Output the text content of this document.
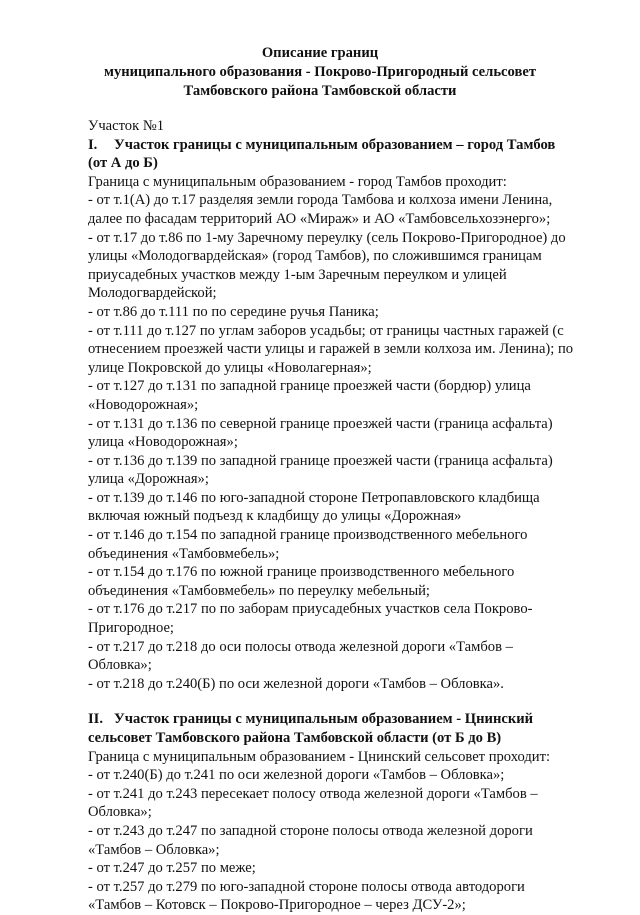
Описание границ
муниципального образования - Покрово-Пригородный сельсовет
Тамбовского района Тамбовской области
Участок №1
I. Участок границы с муниципальным образованием – город Тамбов
(от А до Б)
Граница с муниципальным образованием - город Тамбов проходит:
- от т.1(А) до т.17 разделяя земли города Тамбова и колхоза имени Ленина,
далее по фасадам территорий АО «Мираж» и АО «Тамбовсельхозэнерго»;
- от т.17 до т.86 по 1-му Заречному переулку (сель Покрово-Пригородное) до
улицы «Молодогвардейская» (город Тамбов), по сложившимся границам
приусадебных участков между 1-ым Заречным переулком и улицей
Молодогвардейской;
- от т.86 до т.111 по по середине ручья Паника;
- от т.111 до т.127 по углам заборов усадьбы; от границы частных гаражей (с
отнесением проезжей части улицы и гаражей в земли колхоза им. Ленина); по
улице Покровской до улицы «Новолагерная»;
- от т.127 до т.131 по западной границе проезжей части (бордюр) улица
«Новодорожная»;
- от т.131 до т.136 по северной границе проезжей части (граница асфальта)
улица «Новодорожная»;
- от т.136 до т.139 по западной границе проезжей части (граница асфальта)
улица «Дорожная»;
- от т.139 до т.146 по юго-западной стороне Петропавловского кладбища
включая южный подъезд к кладбищу до улицы «Дорожная»
- от т.146 до т.154 по западной границе производственного мебельного
объединения «Тамбовмебель»;
- от т.154 до т.176 по южной границе производственного мебельного
объединения «Тамбовмебель» по переулку мебельный;
- от т.176 до т.217 по по заборам приусадебных участков села Покрово-
Пригородное;
- от т.217 до т.218 до оси полосы отвода железной дороги «Тамбов –
Обловка»;
- от т.218 до т.240(Б) по оси железной дороги «Тамбов – Обловка».
II. Участок границы с муниципальным образованием - Цнинский
сельсовет Тамбовского района Тамбовской области (от Б до В)
Граница с муниципальным образованием - Цнинский сельсовет проходит:
- от т.240(Б) до т.241 по оси железной дороги «Тамбов – Обловка»;
- от т.241 до т.243 пересекает полосу отвода железной дороги «Тамбов –
Обловка»;
- от т.243 до т.247 по западной стороне полосы отвода железной дороги
«Тамбов – Обловка»;
- от т.247 до т.257 по меже;
- от т.257 до т.279 по юго-западной стороне полосы отвода автодороги
«Тамбов – Котовск – Покрово-Пригородное – через ДСУ-2»;
